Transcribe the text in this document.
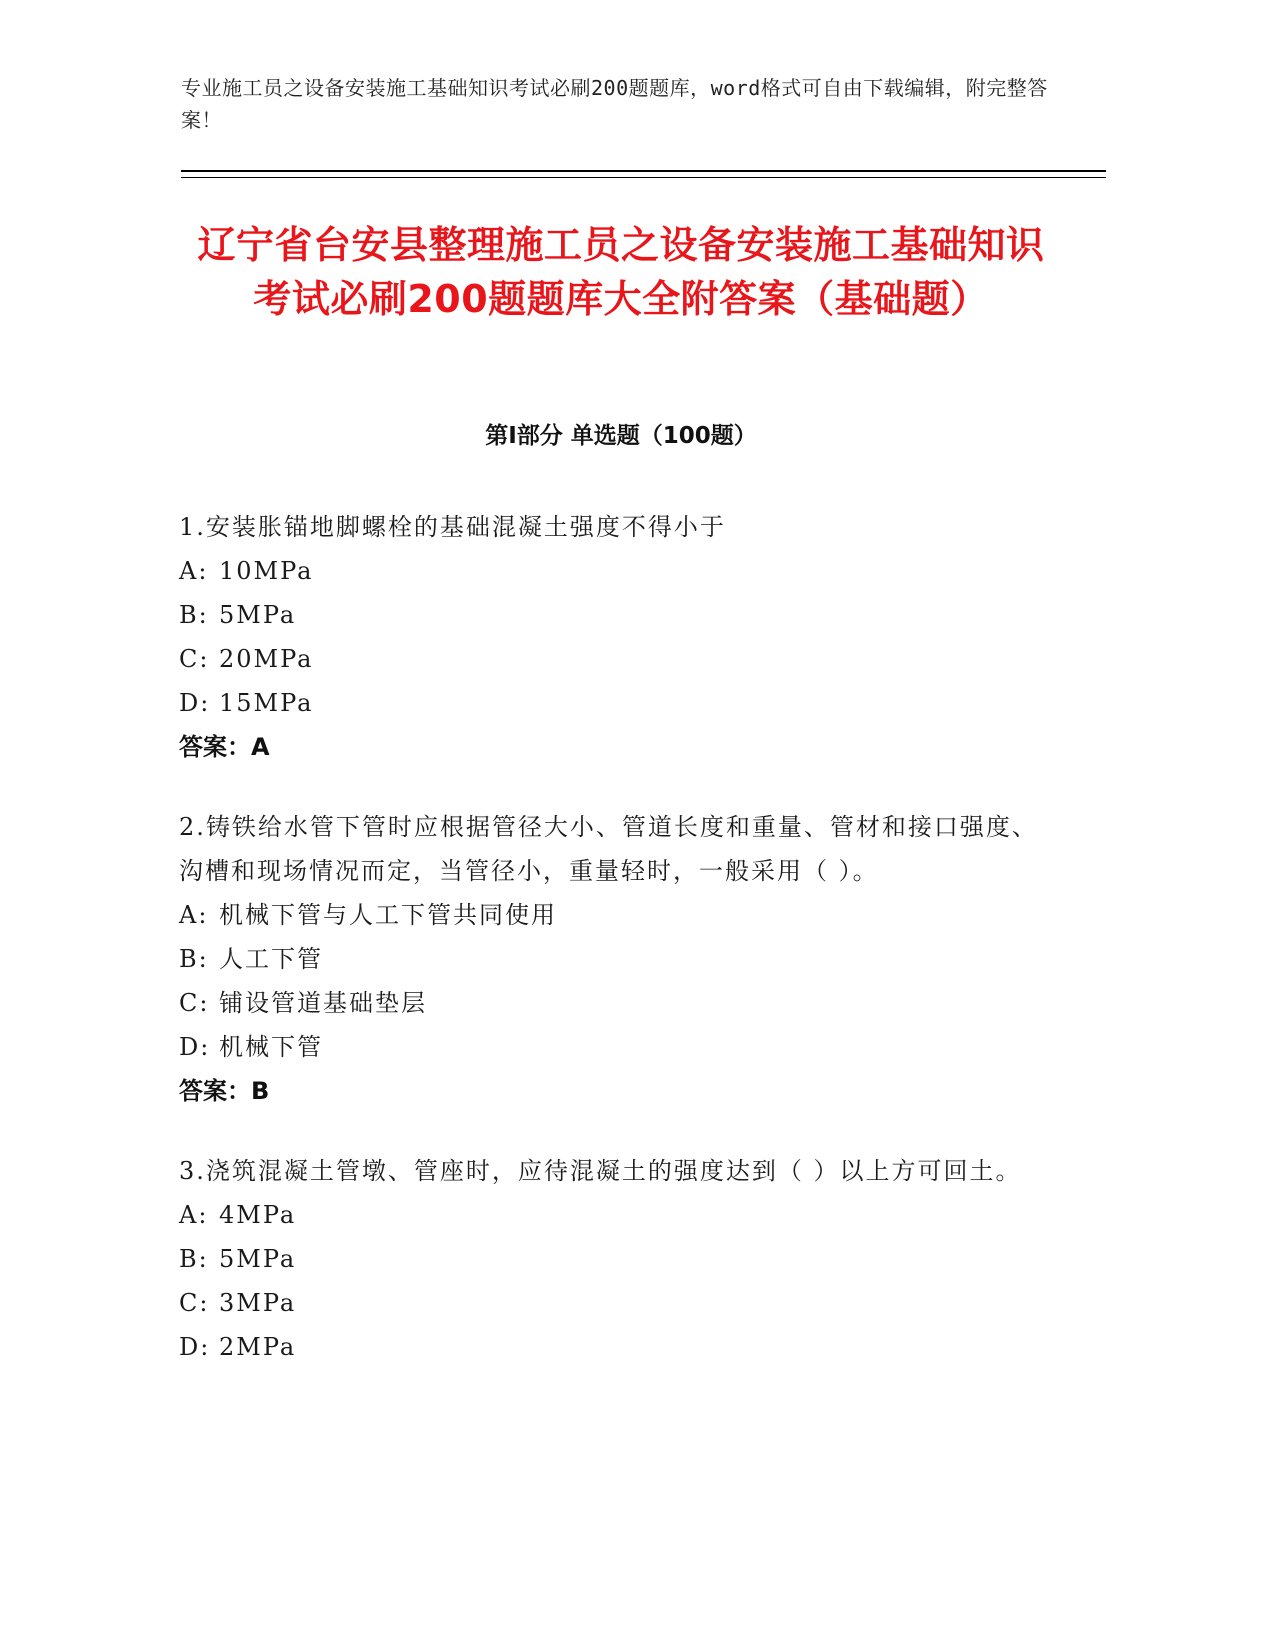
专业施工员之设备安装施工基础知识考试必刷200题题库，word格式可自由下载编辑，附完整答案！
辽宁省台安县整理施工员之设备安装施工基础知识考试必刷200题题库大全附答案（基础题）
第Ⅰ部分 单选题（100题）
1.安装胀锚地脚螺栓的基础混凝土强度不得小于
A: 10MPa
B: 5MPa
C: 20MPa
D: 15MPa
答案：A
2.铸铁给水管下管时应根据管径大小、管道长度和重量、管材和接口强度、沟槽和现场情况而定，当管径小，重量轻时，一般采用（ ）。
A: 机械下管与人工下管共同使用
B: 人工下管
C: 铺设管道基础垫层
D: 机械下管
答案：B
3.浇筑混凝土管墩、管座时，应待混凝土的强度达到（ ）以上方可回土。
A: 4MPa
B: 5MPa
C: 3MPa
D: 2MPa
